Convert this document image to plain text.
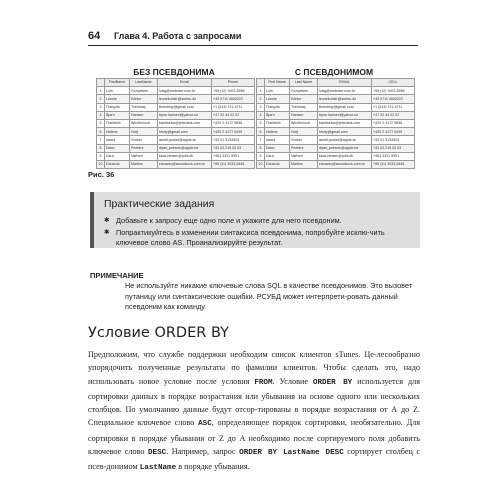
64 Глава 4. Работа с запросами
БЕЗ ПСЕВДОНИМА	С ПСЕВДОНИМОМ
	FirstName	LastName	Email	Phone
1	Luís	Gonçalves	luisg@embraer.com.br	+55 (12) 3923-5555
2	Leonie	Köhler	leonekohler@surfeu.de	+49 0711 2842222
3	François	Tremblay	ftremblay@gmail.com	+1 (514) 721-4711
4	Bjørn	Hansen	bjorn.hansen@yahoo.no	+47 22 44 22 22
5	František	Wichterlová	frantisekw@jetbrains.com	+420 2 4172 5555
6	Helena	Holý	hholy@gmail.com	+420 2 4177 0449
7	Astrid	Gruber	astrid.gruber@apple.at	+43 01 5134505
8	Daan	Peeters	daan_peeters@apple.be	+32 02 219 03 03
9	Kara	Nielsen	kara.nielsen@jubii.dk	+453 3331 9991
10	Eduardo	Martins	eduardo@woodstock.com.br	+55 (11) 3033-5446
	First Name	Last Name	EMAIL	CELL
1	Luís	Gonçalves	luisg@embraer.com.br	+55 (12) 3923-5555
2	Leonie	Köhler	leonekohler@surfeu.de	+49 0711 2842222
3	François	Tremblay	ftremblay@gmail.com	+1 (514) 721-4711
4	Bjørn	Hansen	bjorn.hansen@yahoo.no	+47 22 44 22 22
5	František	Wichterlová	frantisekw@jetbrains.com	+420 2 4172 5555
6	Helena	Holý	hholy@gmail.com	+420 2 4177 0449
7	Astrid	Gruber	astrid.gruber@apple.at	+43 01 5134505
8	Daan	Peeters	daan_peeters@apple.be	+32 02 219 03 03
9	Kara	Nielsen	kara.nielsen@jubii.dk	+453 3331 9991
10	Eduardo	Martins	eduardo@woodstock.com.br	+55 (11) 3033-5446
Рис. 36
Практические задания
✱ Добавьте к запросу еще одно поле и укажите для него псевдоним.
✱ Попрактикуйтесь в изменении синтаксиса псевдонима, попробуйте исклю-чить ключевое слово AS. Проанализируйте результат.
ПРИМЕЧАНИЕ
Не используйте никакие ключевые слова SQL в качестве псевдонимов. Это вызовет путаницу или синтаксические ошибки. РСУБД может интерпрети-ровать данный псевдоним как команду.
Условие ORDER BY
Предположим, что службе поддержки необходим список клиентов sTunes. Це-лесообразно упорядочить полученные результаты по фамилии клиентов. Чтобы сделать это, надо использовать новое условие после условия FROM. Условие ORDER BY используется для сортировки данных в порядке возрастания или убывания на основе одного или нескольких столбцов. По умолчанию данные будут отсор-тированы в порядке возрастания от А до Z. Специальное ключевое слово ASC, определяющее порядок сортировки, необязательно. Для сортировки в порядке убывания от Z до A необходимо после сортируемого поля добавить ключевое слово DESC. Например, запрос ORDER BY LastName DESC сортирует столбец с псев-донимом LastName в порядке убывания.
